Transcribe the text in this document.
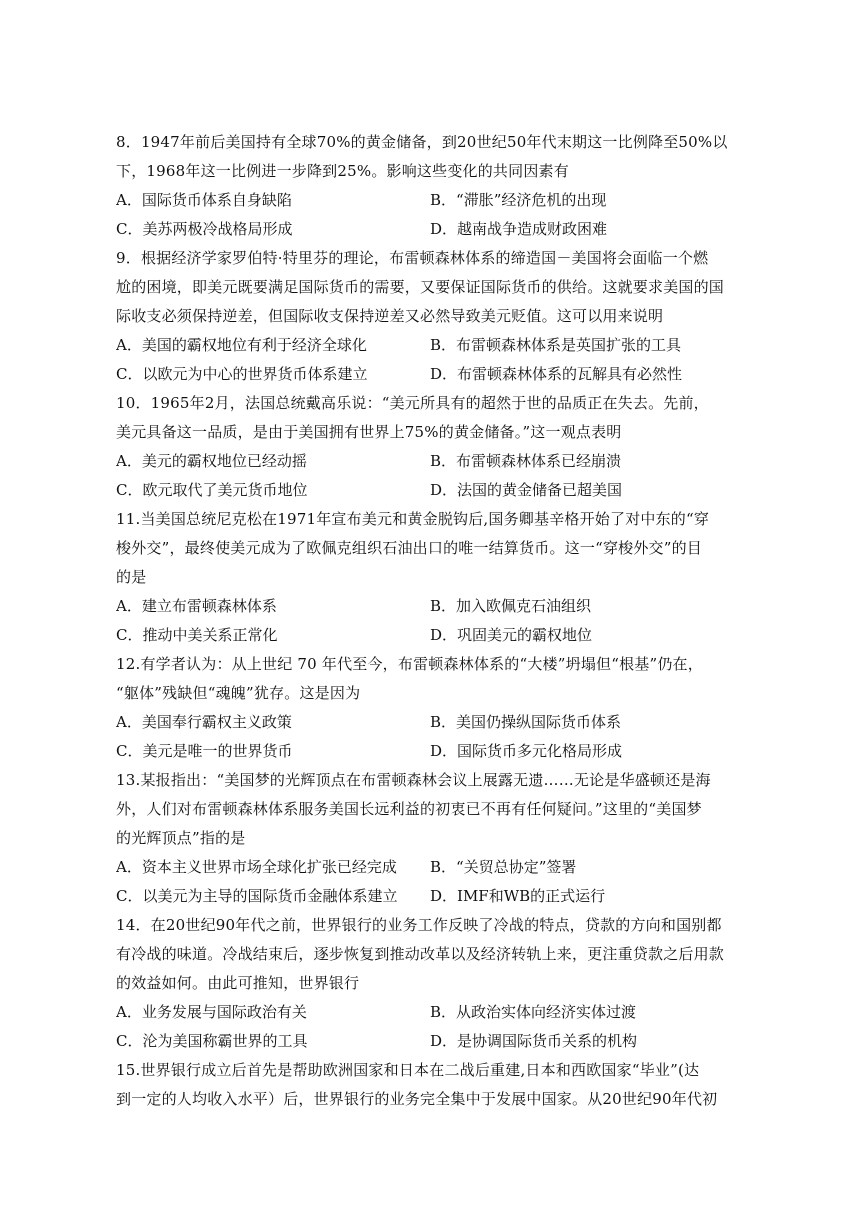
8．1947年前后美国持有全球70%的黄金储备，到20世纪50年代末期这一比例降至50%以
下，1968年这一比例进一步降到25%。影响这些变化的共同因素有
A．国际货币体系自身缺陷	B．“滞胀”经济危机的出现
C．美苏两极冷战格局形成	D．越南战争造成财政困难
9．根据经济学家罗伯特·特里芬的理论，布雷顿森林体系的缔造国－美国将会面临一个燃
尬的困境，即美元既要满足国际货币的需要，又要保证国际货币的供给。这就要求美国的国
际收支必须保持逆差，但国际收支保持逆差又必然导致美元贬值。这可以用来说明
A．美国的霸权地位有利于经济全球化	B．布雷顿森林体系是英国扩张的工具
C．以欧元为中心的世界货币体系建立	D．布雷顿森林体系的瓦解具有必然性
10．1965年2月，法国总统戴高乐说：“美元所具有的超然于世的品质正在失去。先前，
美元具备这一品质，是由于美国拥有世界上75%的黄金储备。”这一观点表明
A．美元的霸权地位已经动摇	B．布雷顿森林体系已经崩溃
C．欧元取代了美元货币地位	D．法国的黄金储备已超美国
11.当美国总统尼克松在1971年宣布美元和黄金脱钩后,国务卿基辛格开始了对中东的“穿
梭外交”，最终使美元成为了欧佩克组织石油出口的唯一结算货币。这一“穿梭外交”的目
的是
A．建立布雷顿森林体系	B．加入欧佩克石油组织
C．推动中美关系正常化	D．巩固美元的霸权地位
12.有学者认为：从上世纪 70 年代至今，布雷顿森林体系的“大楼”坍塌但“根基”仍在，
“躯体”残缺但“魂魄”犹存。这是因为
A．美国奉行霸权主义政策	B．美国仍操纵国际货币体系
C．美元是唯一的世界货币	D．国际货币多元化格局形成
13.某报指出：“美国梦的光辉顶点在布雷顿森林会议上展露无遗……无论是华盛顿还是海
外，人们对布雷顿森林体系服务美国长远利益的初衷已不再有任何疑问。”这里的“美国梦
的光辉顶点”指的是
A．资本主义世界市场全球化扩张已经完成	B．“关贸总协定”签署
C．以美元为主导的国际货币金融体系建立	D．IMF和WB的正式运行
14．在20世纪90年代之前，世界银行的业务工作反映了冷战的特点，贷款的方向和国别都
有冷战的味道。冷战结束后，逐步恢复到推动改革以及经济转轨上来，更注重贷款之后用款
的效益如何。由此可推知，世界银行
A．业务发展与国际政治有关	B．从政治实体向经济实体过渡
C．沦为美国称霸世界的工具	D．是协调国际货币关系的机构
15.世界银行成立后首先是帮助欧洲国家和日本在二战后重建,日本和西欧国家“毕业”(达
到一定的人均收入水平）后，世界银行的业务完全集中于发展中国家。从20世纪90年代初
